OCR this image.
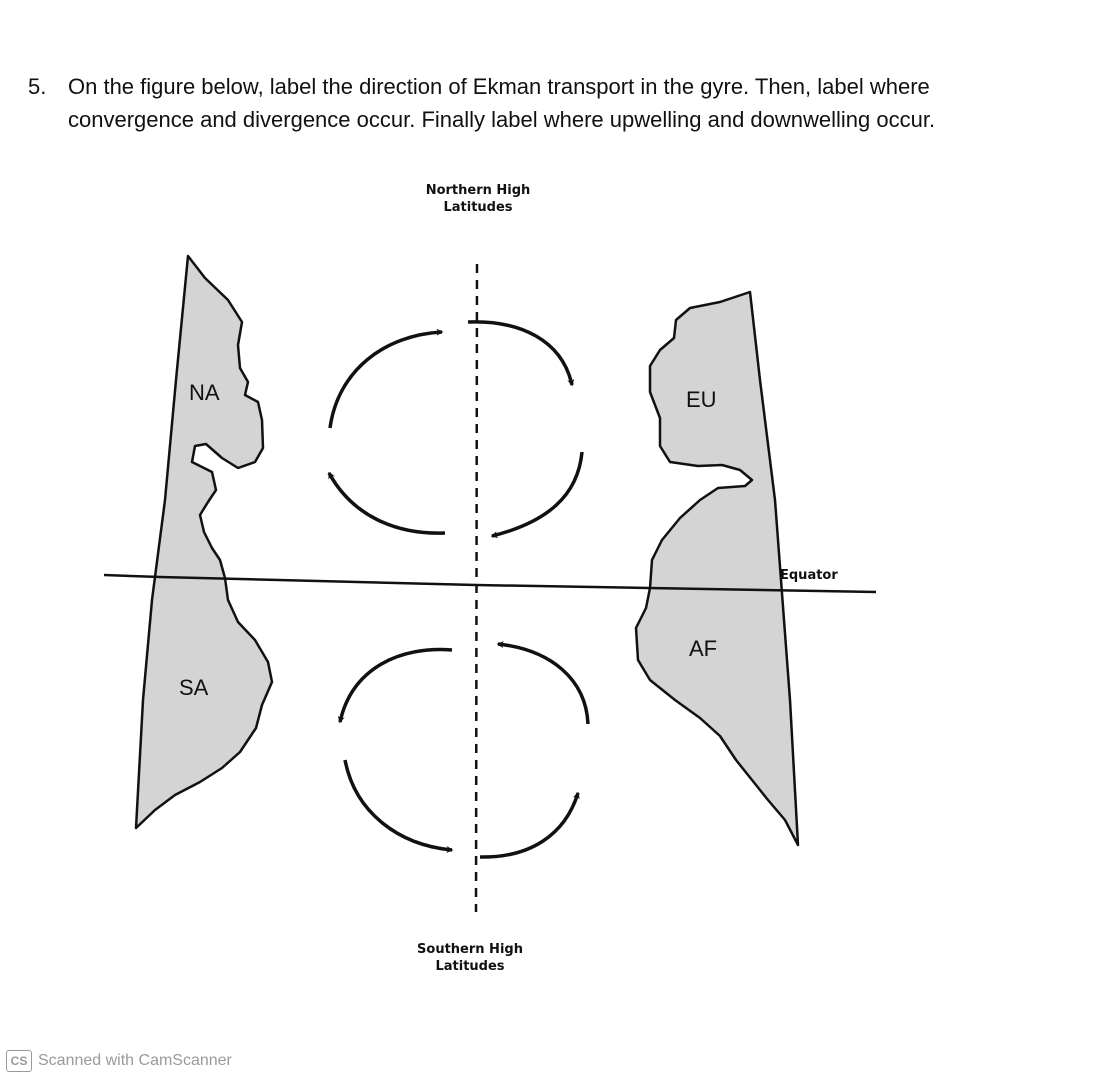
5. On the figure below, label the direction of Ekman transport in the gyre. Then, label where convergence and divergence occur. Finally label where upwelling and downwelling occur.
Northern High Latitudes
Southern High Latitudes
Equator
NA
SA
EU
AF
CS Scanned with CamScanner
